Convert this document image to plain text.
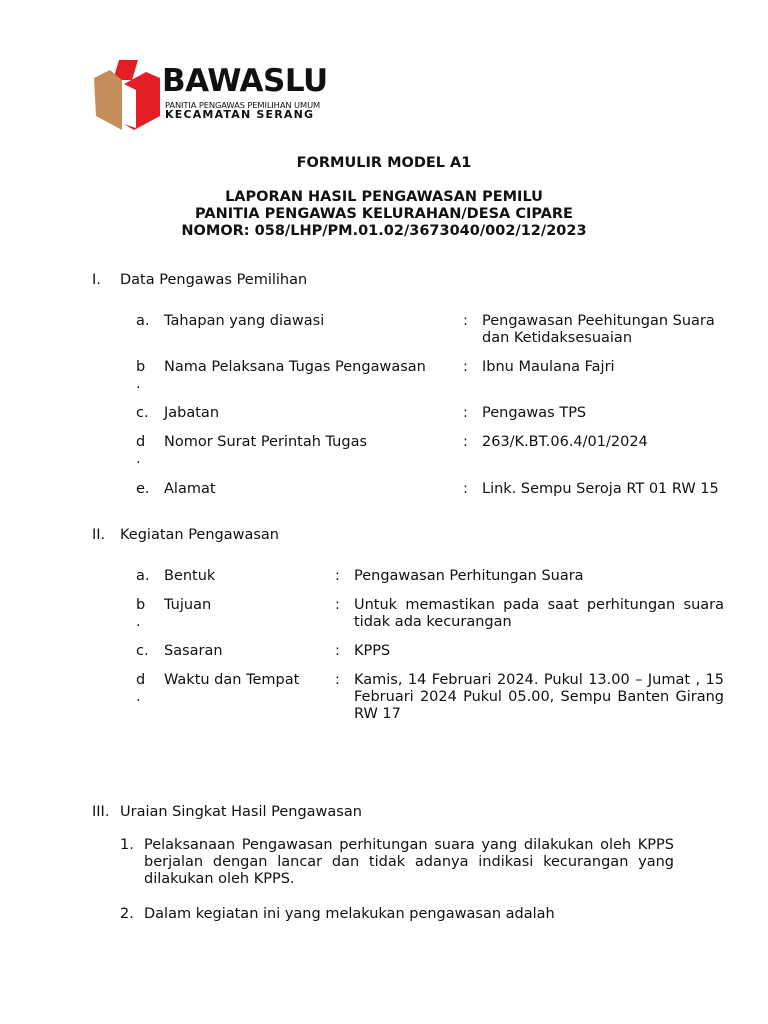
BAWASLU
PANITIA PENGAWAS PEMILIHAN UMUM
KECAMATAN SERANG
FORMULIR MODEL A1
LAPORAN HASIL PENGAWASAN PEMILU
PANITIA PENGAWAS KELURAHAN/DESA CIPARE
NOMOR: 058/LHP/PM.01.02/3673040/002/12/2023
I. Data Pengawas Pemilihan
a. Tahapan yang diawasi	: Pengawasan Peehitungan Suara dan Ketidaksesuaian
b
.
Nama Pelaksana Tugas Pengawasan	: Ibnu Maulana Fajri
c. Jabatan	: Pengawas TPS
d
.
Nomor Surat Perintah Tugas	: 263/K.BT.06.4/01/2024
e. Alamat	: Link. Sempu Seroja RT 01 RW 15
II. Kegiatan Pengawasan
a. Bentuk	: Pengawasan Perhitungan Suara
b
.
Tujuan	: Untuk memastikan pada saat perhitungan suara tidak ada kecurangan
c. Sasaran	: KPPS
d
.
Waktu dan Tempat : Kamis, 14 Februari 2024. Pukul 13.00 – Jumat , 15 Februari 2024 Pukul 05.00, Sempu Banten Girang RW 17
III. Uraian Singkat Hasil Pengawasan
1. Pelaksanaan Pengawasan perhitungan suara yang dilakukan oleh KPPS berjalan dengan lancar dan tidak adanya indikasi kecurangan yang dilakukan oleh KPPS.
2. Dalam kegiatan ini yang melakukan pengawasan adalah
